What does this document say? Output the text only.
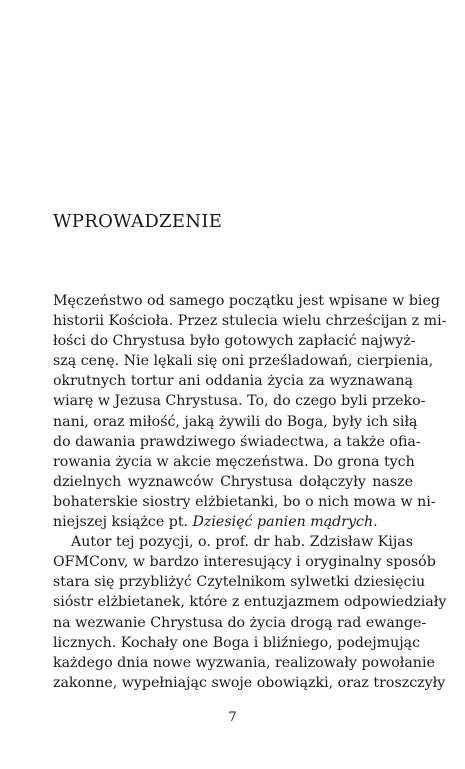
WPROWADZENIE
Męczeństwo od samego początku jest wpisane w bieg
historii Kościoła. Przez stulecia wielu chrześcijan z mi-
łości do Chrystusa było gotowych zapłacić najwyż-
szą cenę. Nie lękali się oni prześladowań, cierpienia,
okrutnych tortur ani oddania życia za wyznawaną
wiarę w Jezusa Chrystusa. To, do czego byli przeko-
nani, oraz miłość, jaką żywili do Boga, były ich siłą
do dawania prawdziwego świadectwa, a także ofia-
rowania życia w akcie męczeństwa. Do grona tych
dzielnych wyznawców Chrystusa dołączyły nasze
bohaterskie siostry elżbietanki, bo o nich mowa w ni-
niejszej książce pt. Dziesięć panien mądrych.
Autor tej pozycji, o. prof. dr hab. Zdzisław Kijas
OFMConv, w bardzo interesujący i oryginalny sposób
stara się przybliżyć Czytelnikom sylwetki dziesięciu
sióstr elżbietanek, które z entuzjazmem odpowiedziały
na wezwanie Chrystusa do życia drogą rad ewange-
licznych. Kochały one Boga i bliźniego, podejmując
każdego dnia nowe wyzwania, realizowały powołanie
zakonne, wypełniając swoje obowiązki, oraz troszczyły
7
